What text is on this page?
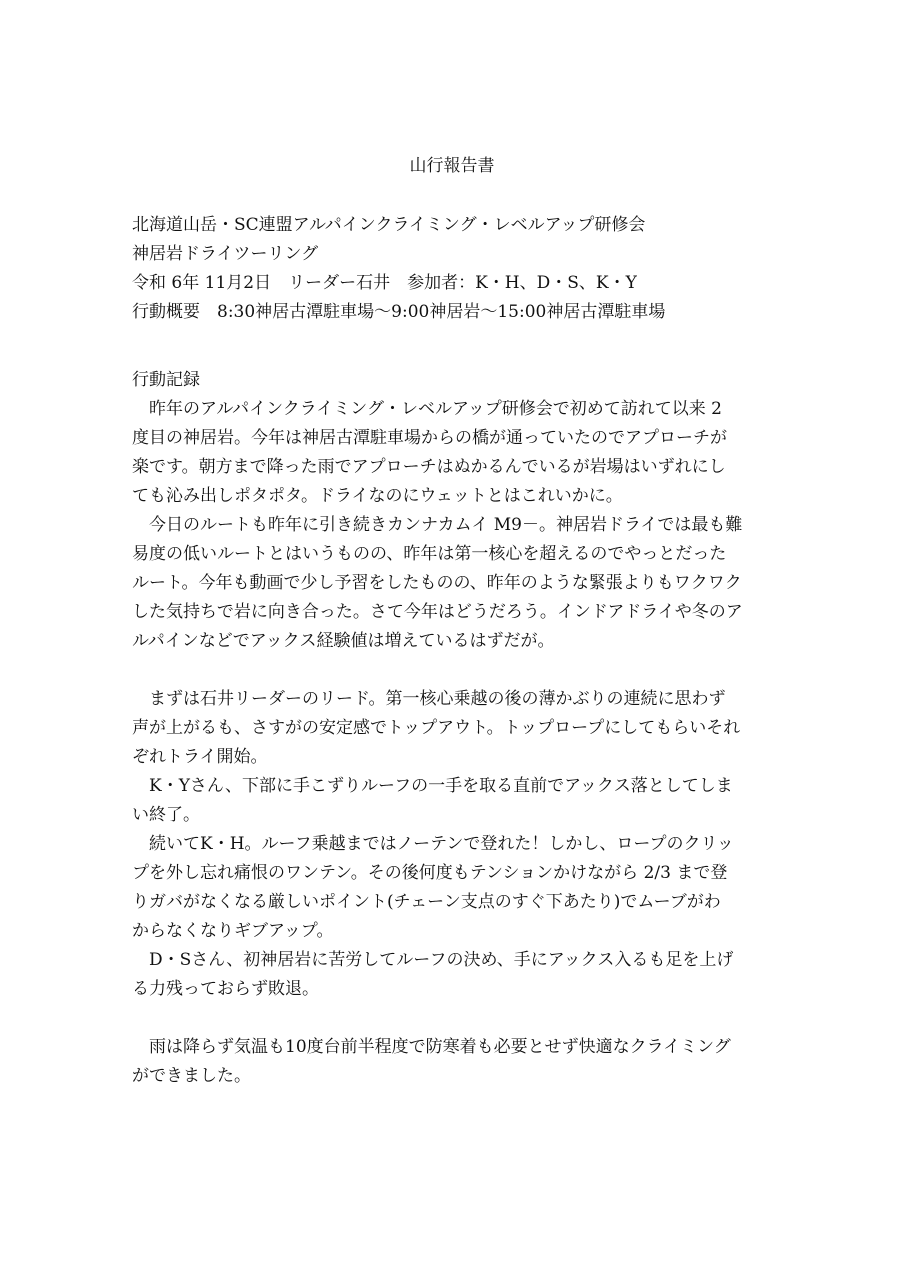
山行報告書
北海道山岳・SC連盟アルパインクライミング・レベルアップ研修会
神居岩ドライツーリング
令和 6年 11月2日　リーダー石井　参加者：K・H、D・S、K・Y
行動概要　8:30神居古潭駐車場～9:00神居岩～15:00神居古潭駐車場
行動記録
昨年のアルパインクライミング・レベルアップ研修会で初めて訪れて以来 2
度目の神居岩。今年は神居古潭駐車場からの橋が通っていたのでアプローチが
楽です。朝方まで降った雨でアプローチはぬかるんでいるが岩場はいずれにし
ても沁み出しポタポタ。ドライなのにウェットとはこれいかに。
今日のルートも昨年に引き続きカンナカムイ M9－。神居岩ドライでは最も難
易度の低いルートとはいうものの、昨年は第一核心を超えるのでやっとだった
ルート。今年も動画で少し予習をしたものの、昨年のような緊張よりもワクワク
した気持ちで岩に向き合った。さて今年はどうだろう。インドアドライや冬のア
ルパインなどでアックス経験値は増えているはずだが。
まずは石井リーダーのリード。第一核心乗越の後の薄かぶりの連続に思わず
声が上がるも、さすがの安定感でトップアウト。トップロープにしてもらいそれ
ぞれトライ開始。
K・Yさん、下部に手こずりルーフの一手を取る直前でアックス落としてしま
い終了。
続いてK・H。ルーフ乗越まではノーテンで登れた！しかし、ロープのクリッ
プを外し忘れ痛恨のワンテン。その後何度もテンションかけながら 2/3 まで登
りガバがなくなる厳しいポイント(チェーン支点のすぐ下あたり)でムーブがわ
からなくなりギブアップ。
D・Sさん、初神居岩に苦労してルーフの決め、手にアックス入るも足を上げ
る力残っておらず敗退。
雨は降らず気温も10度台前半程度で防寒着も必要とせず快適なクライミング
ができました。
